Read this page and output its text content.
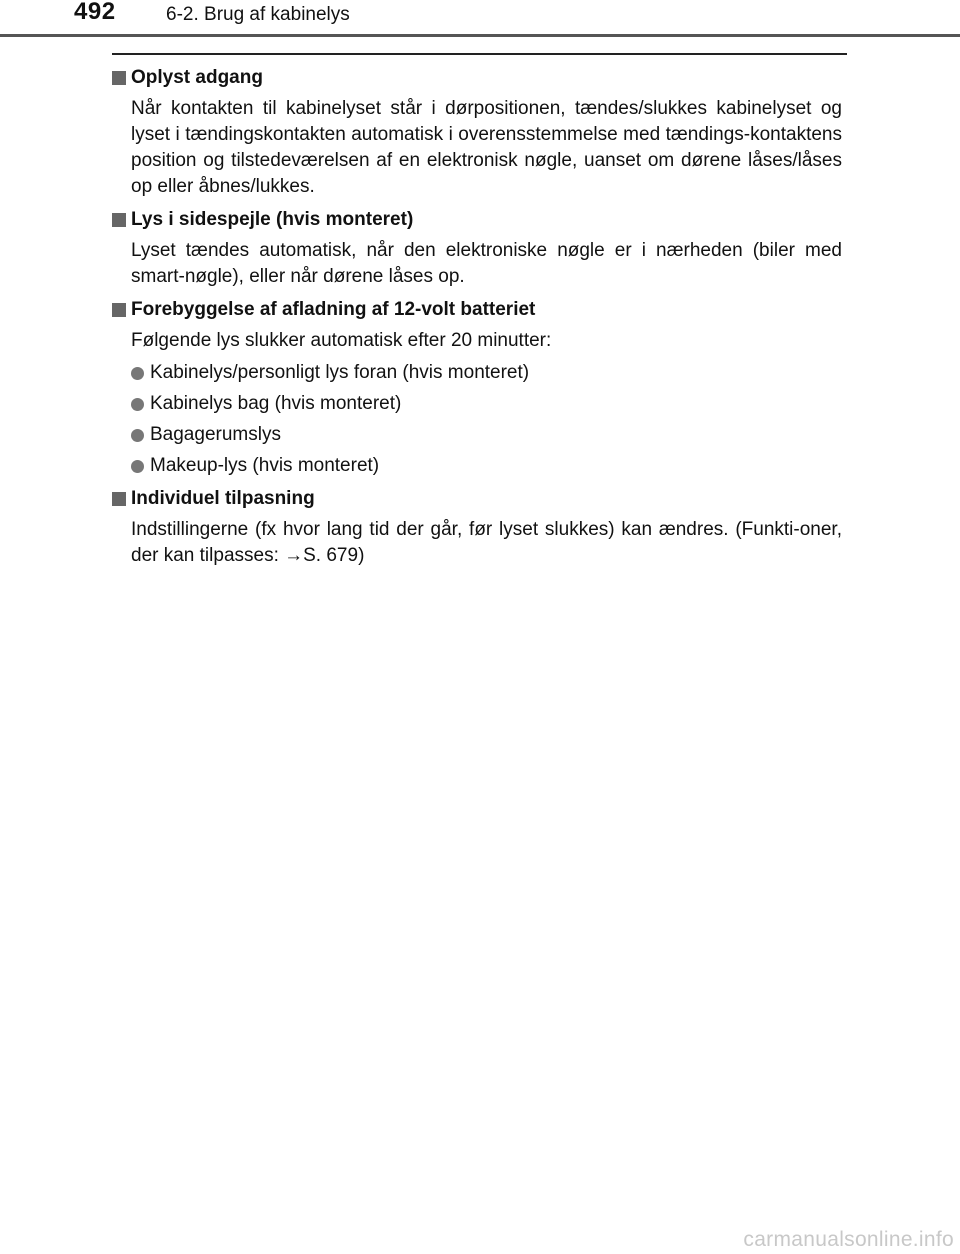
492	6-2. Brug af kabinelys
Oplyst adgang
Når kontakten til kabinelyset står i dørpositionen, tændes/slukkes kabinelyset og lyset i tændingskontakten automatisk i overensstemmelse med tændings-kontaktens position og tilstedeværelsen af en elektronisk nøgle, uanset om dørene låses/låses op eller åbnes/lukkes.
Lys i sidespejle (hvis monteret)
Lyset tændes automatisk, når den elektroniske nøgle er i nærheden (biler med smart-nøgle), eller når dørene låses op.
Forebyggelse af afladning af 12-volt batteriet
Følgende lys slukker automatisk efter 20 minutter:
Kabinelys/personligt lys foran (hvis monteret)
Kabinelys bag (hvis monteret)
Bagagerumslys
Makeup-lys (hvis monteret)
Individuel tilpasning
Indstillingerne (fx hvor lang tid der går, før lyset slukkes) kan ændres. (Funkti-oner, der kan tilpasses: →S. 679)
carmanualsonline.info
